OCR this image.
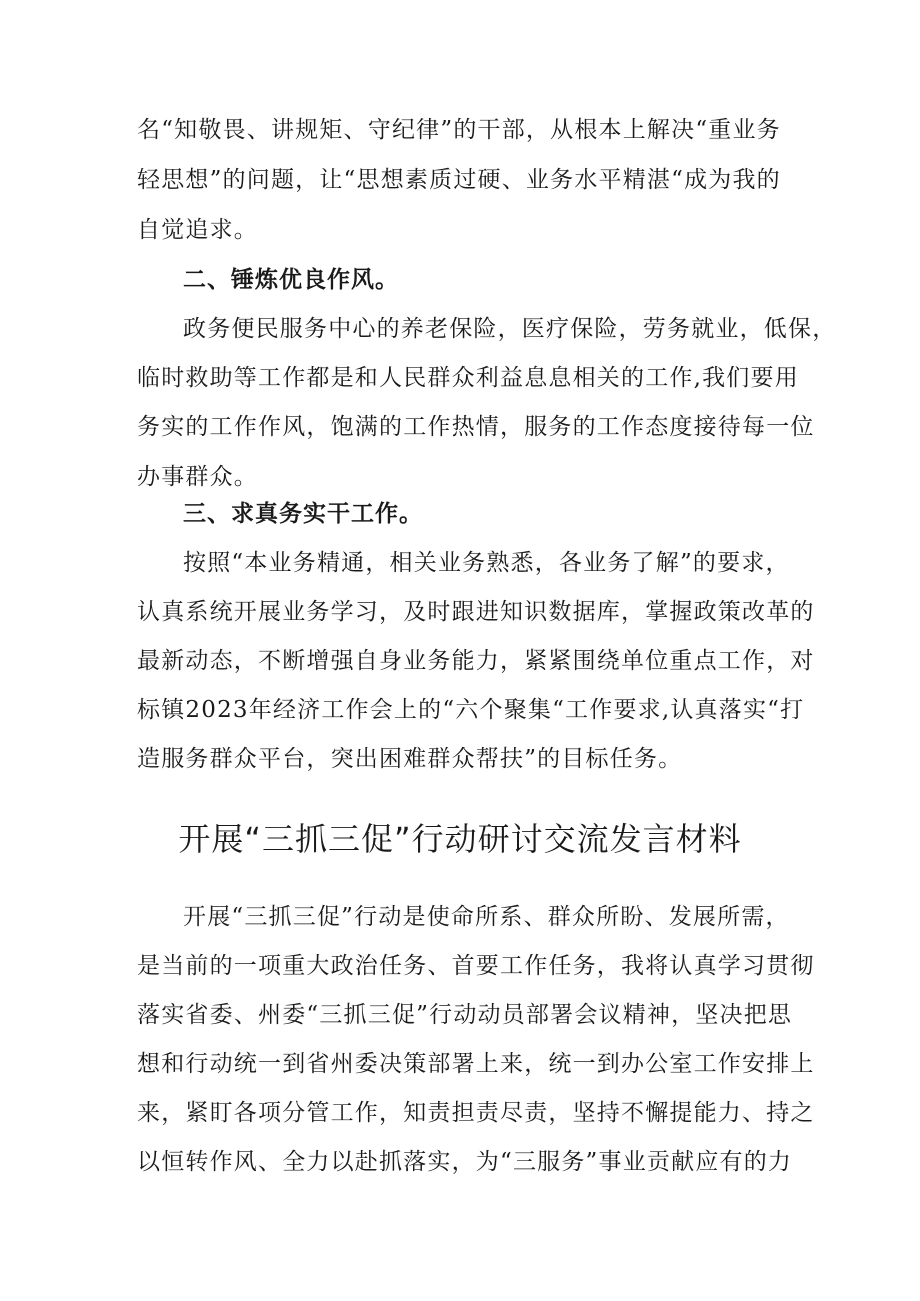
名“知敬畏、讲规矩、守纪律”的干部，从根本上解决“重业务
轻思想”的问题，让“思想素质过硬、业务水平精湛“成为我的
自觉追求。
二、锤炼优良作风。
政务便民服务中心的养老保险，医疗保险，劳务就业，低保，
临时救助等工作都是和人民群众利益息息相关的工作,我们要用
务实的工作作风，饱满的工作热情，服务的工作态度接待每一位
办事群众。
三、求真务实干工作。
按照“本业务精通，相关业务熟悉，各业务了解”的要求，
认真系统开展业务学习，及时跟进知识数据库，掌握政策改革的
最新动态，不断增强自身业务能力，紧紧围绕单位重点工作，对
标镇2023年经济工作会上的“六个聚集“工作要求,认真落实“打
造服务群众平台，突出困难群众帮扶”的目标任务。
开展“三抓三促”行动研讨交流发言材料
开展“三抓三促”行动是使命所系、群众所盼、发展所需，
是当前的一项重大政治任务、首要工作任务，我将认真学习贯彻
落实省委、州委“三抓三促”行动动员部署会议精神，坚决把思
想和行动统一到省州委决策部署上来，统一到办公室工作安排上
来，紧盯各项分管工作，知责担责尽责，坚持不懈提能力、持之
以恒转作风、全力以赴抓落实，为“三服务”事业贡献应有的力
